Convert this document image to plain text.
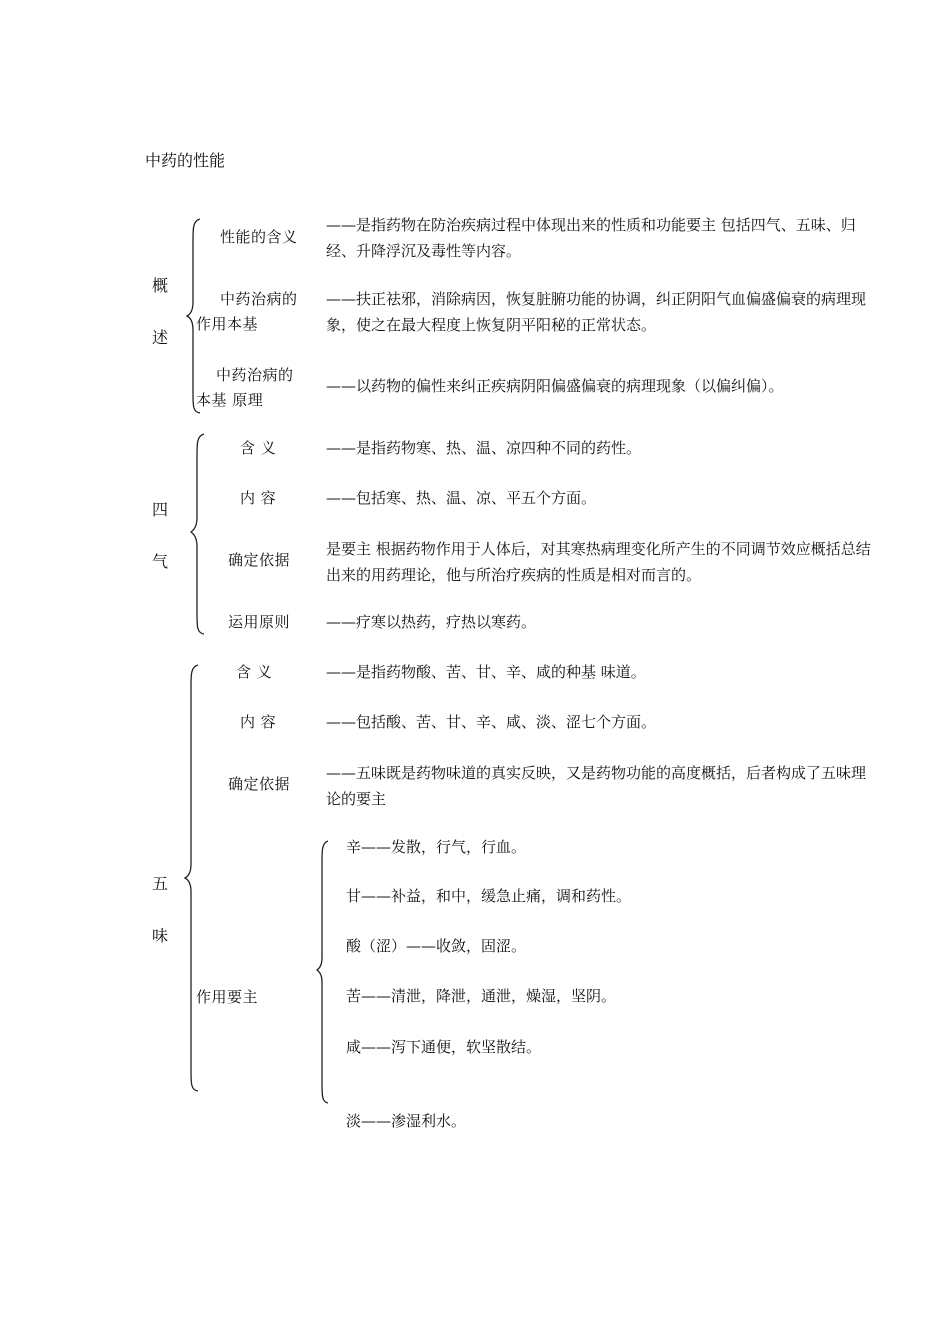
中药的性能
概
述
性能的含义
——是指药物在防治疾病过程中体现出来的性质和功能要主 包括四气、五味、归经、升降浮沉及毒性等内容。
中药治病的
作用本基
——扶正祛邪，消除病因，恢复脏腑功能的协调，纠正阴阳气血偏盛偏衰的病理现象，使之在最大程度上恢复阴平阳秘的正常状态。
中药治病的
本基 原理
——以药物的偏性来纠正疾病阴阳偏盛偏衰的病理现象（以偏纠偏）。
四
气
含 义	——是指药物寒、热、温、凉四种不同的药性。
内 容	——包括寒、热、温、凉、平五个方面。
确定依据
是要主 根据药物作用于人体后，对其寒热病理变化所产生的不同调节效应概括总结出来的用药理论，他与所治疗疾病的性质是相对而言的。
运用原则 ——疗寒以热药，疗热以寒药。
五
味
含 义	——是指药物酸、苦、甘、辛、咸的种基 味道。
内 容	——包括酸、苦、甘、辛、咸、淡、涩七个方面。
确定依据
——五味既是药物味道的真实反映，又是药物功能的高度概括，后者构成了五味理论的要主
作用要主
辛——发散，行气，行血。
甘——补益，和中，缓急止痛，调和药性。
酸（涩）——收敛，固涩。
苦——清泄，降泄，通泄，燥湿，坚阴。
咸——泻下通便，软坚散结。
淡——渗湿利水。
